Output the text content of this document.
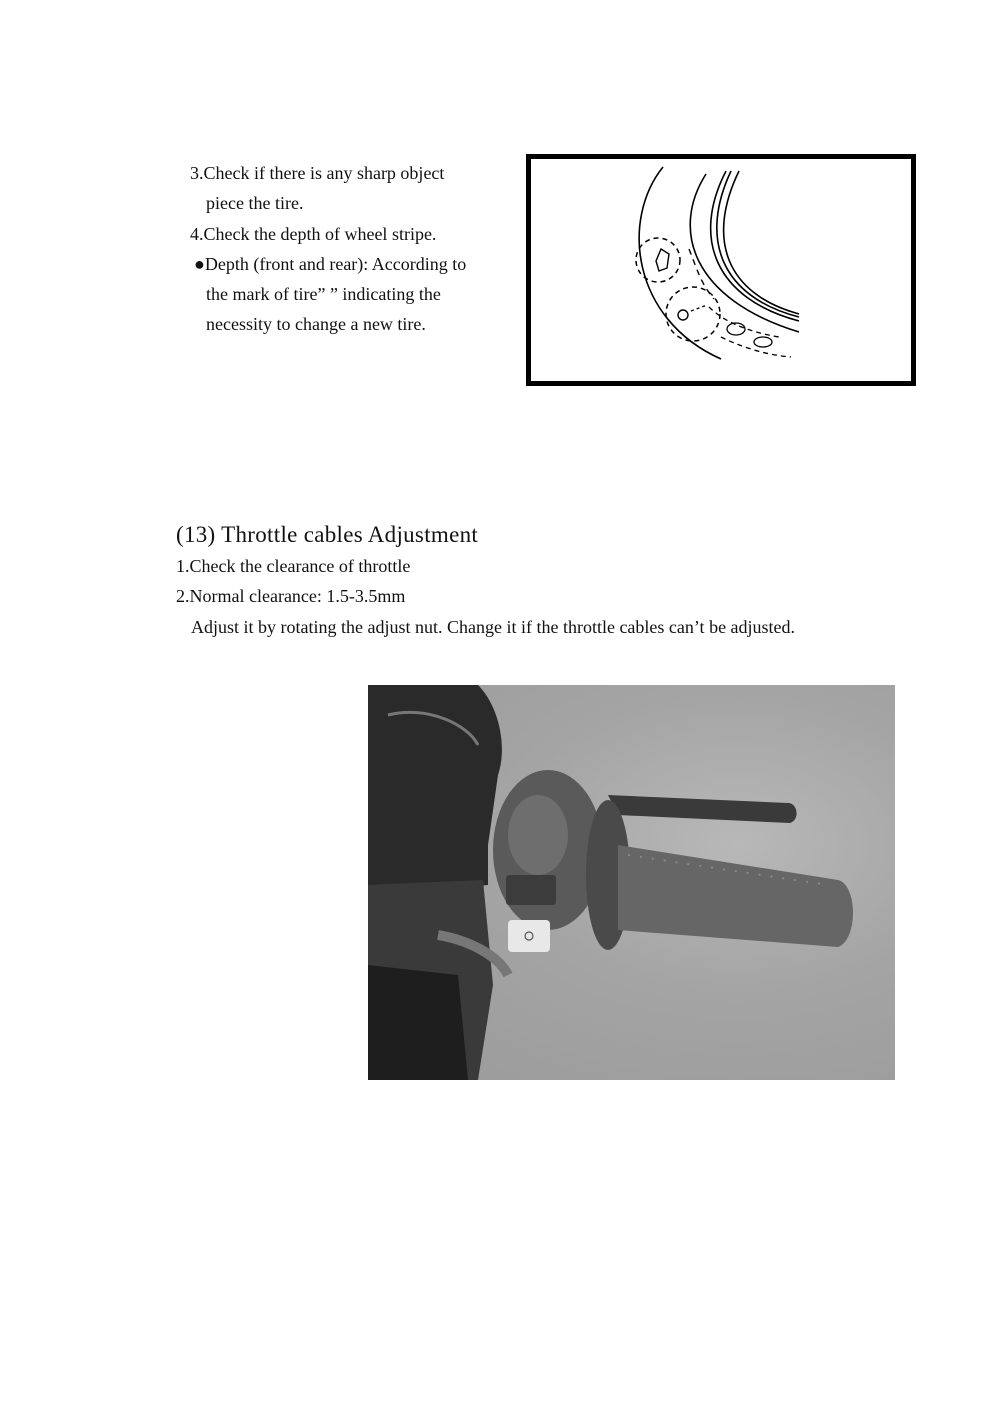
3.Check if there is any sharp object
piece the tire.
4.Check the depth of wheel stripe.
●Depth (front and rear): According to
the mark of tire” ” indicating the
necessity to change a new tire.
(13) Throttle cables Adjustment
1.Check the clearance of throttle
2.Normal clearance: 1.5-3.5mm
Adjust it by rotating the adjust nut. Change it if the throttle cables can’t be adjusted.
